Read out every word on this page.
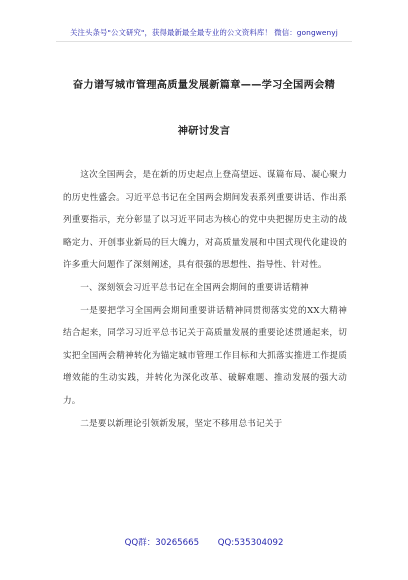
关注头条号"公文研究"，获得最新最全最专业的公文资料库！ 微信：gongwenyj
奋力谱写城市管理高质量发展新篇章——学习全国两会精
神研讨发言

这次全国两会，是在新的历史起点上登高望远、谋篇布局、凝心聚力的历史性盛会。习近平总书记在全国两会期间发表系列重要讲话、作出系列重要指示，充分彰显了以习近平同志为核心的党中央把握历史主动的战略定力、开创事业新局的巨大魄力，对高质量发展和中国式现代化建设的许多重大问题作了深刻阐述，具有很强的思想性、指导性、针对性。

一、深刻领会习近平总书记在全国两会期间的重要讲话精神

一是要把学习全国两会期间重要讲话精神同贯彻落实党的XX大精神结合起来，同学习习近平总书记关于高质量发展的重要论述贯通起来，切实把全国两会精神转化为锚定城市管理工作目标和大抓落实推进工作提质增效能的生动实践，并转化为深化改革、破解难题、推动发展的强大动力。

二是要以新理论引领新发展，坚定不移用总书记关于

QQ群：30265665 QQ:535304092
